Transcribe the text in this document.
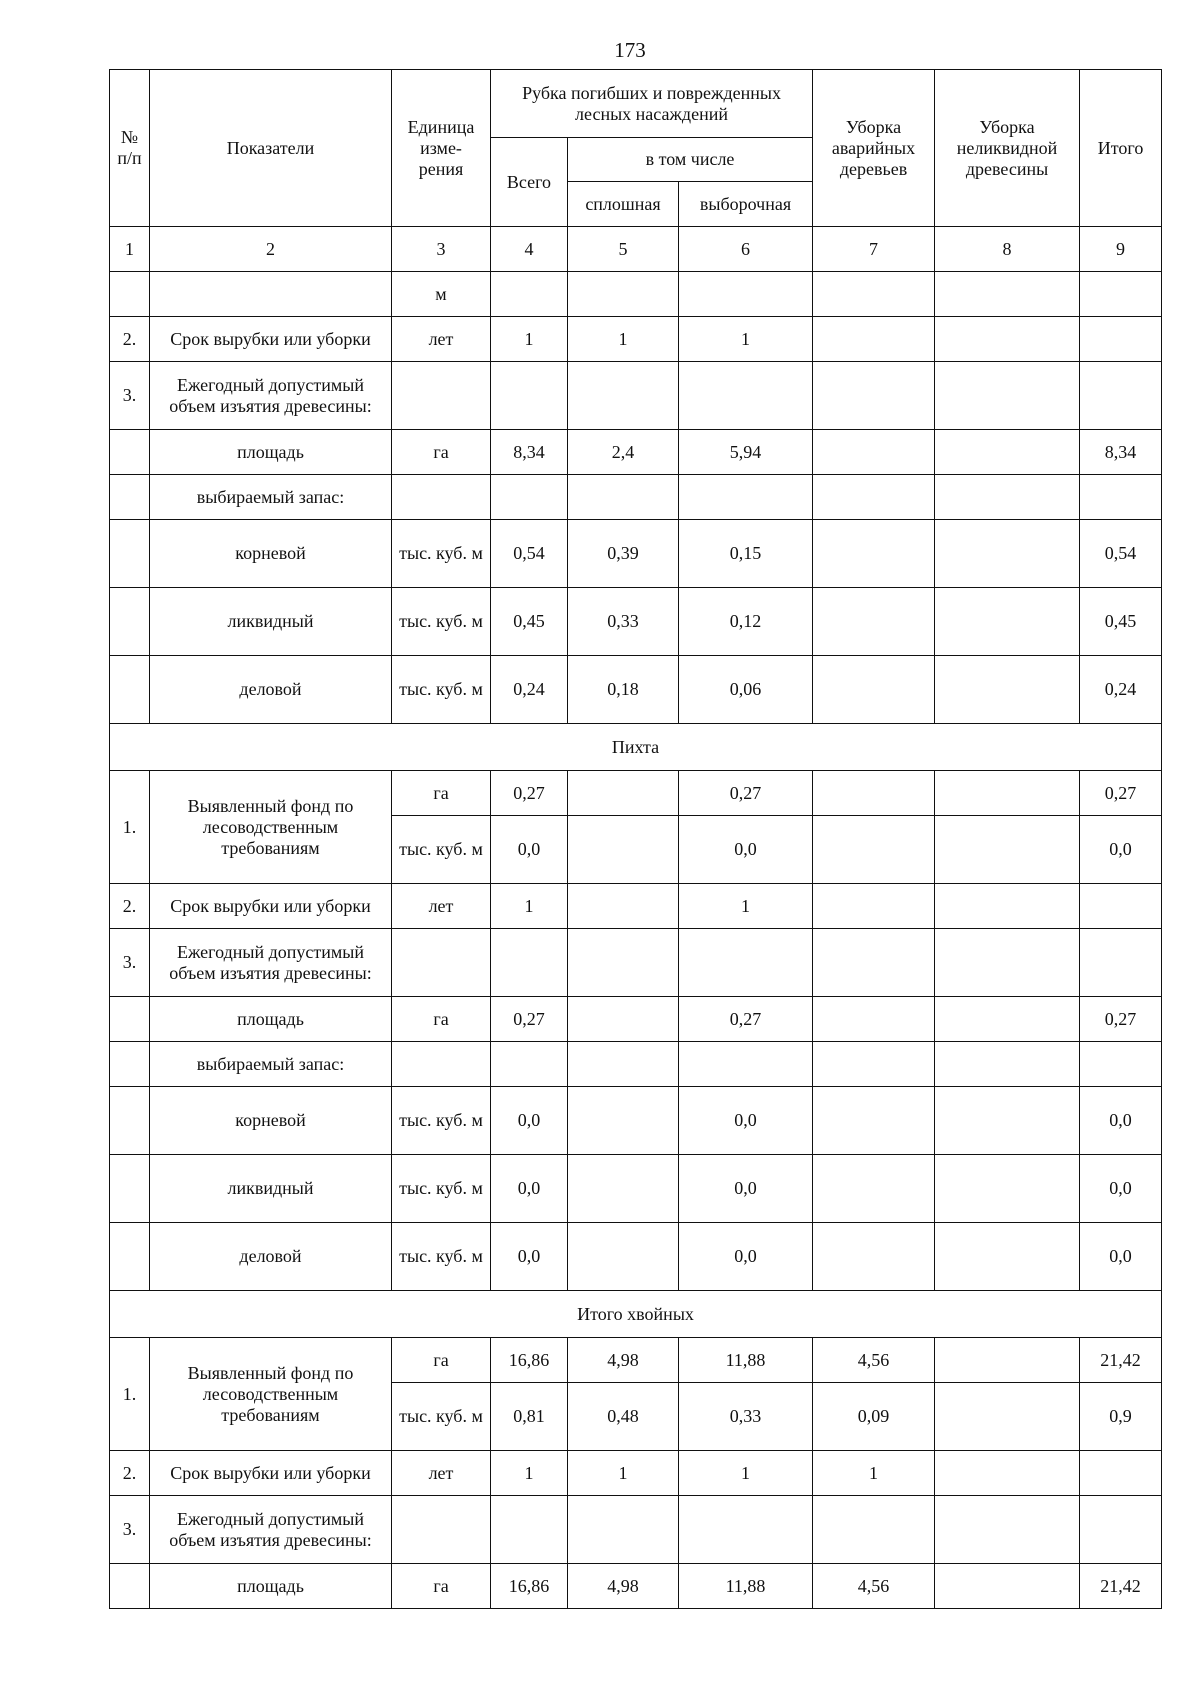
173
№
п/п	Показатели	Единица
изме-
рения	Рубка погибших и поврежденных лесных насаждений			Уборка аварийных деревьев	Уборка неликвидной древесины	Итого
			Всего	в том числе				
				сплошная	выборочная			
1	2	3	4	5	6	7	8	9
		м						
2.	Срок вырубки или уборки	лет	1	1	1			
3.	Ежегодный допустимый объем изъятия древесины:							
	площадь	га	8,34	2,4	5,94			8,34
	выбираемый запас:							
	корневой	тыс. куб. м	0,54	0,39	0,15			0,54
	ликвидный	тыс. куб. м	0,45	0,33	0,12			0,45
	деловой	тыс. куб. м	0,24	0,18	0,06			0,24
Пихта								
1.	Выявленный фонд по лесоводственным требованиям	га	0,27		0,27			0,27
		тыс. куб. м	0,0		0,0			0,0
2.	Срок вырубки или уборки	лет	1		1			
3.	Ежегодный допустимый объем изъятия древесины:							
	площадь	га	0,27		0,27			0,27
	выбираемый запас:							
	корневой	тыс. куб. м	0,0		0,0			0,0
	ликвидный	тыс. куб. м	0,0		0,0			0,0
	деловой	тыс. куб. м	0,0		0,0			0,0
Итого хвойных								
1.	Выявленный фонд по лесоводственным требованиям	га	16,86	4,98	11,88	4,56		21,42
		тыс. куб. м	0,81	0,48	0,33	0,09		0,9
2.	Срок вырубки или уборки	лет	1	1	1	1		
3.	Ежегодный допустимый объем изъятия древесины:							
	площадь	га	16,86	4,98	11,88	4,56		21,42
